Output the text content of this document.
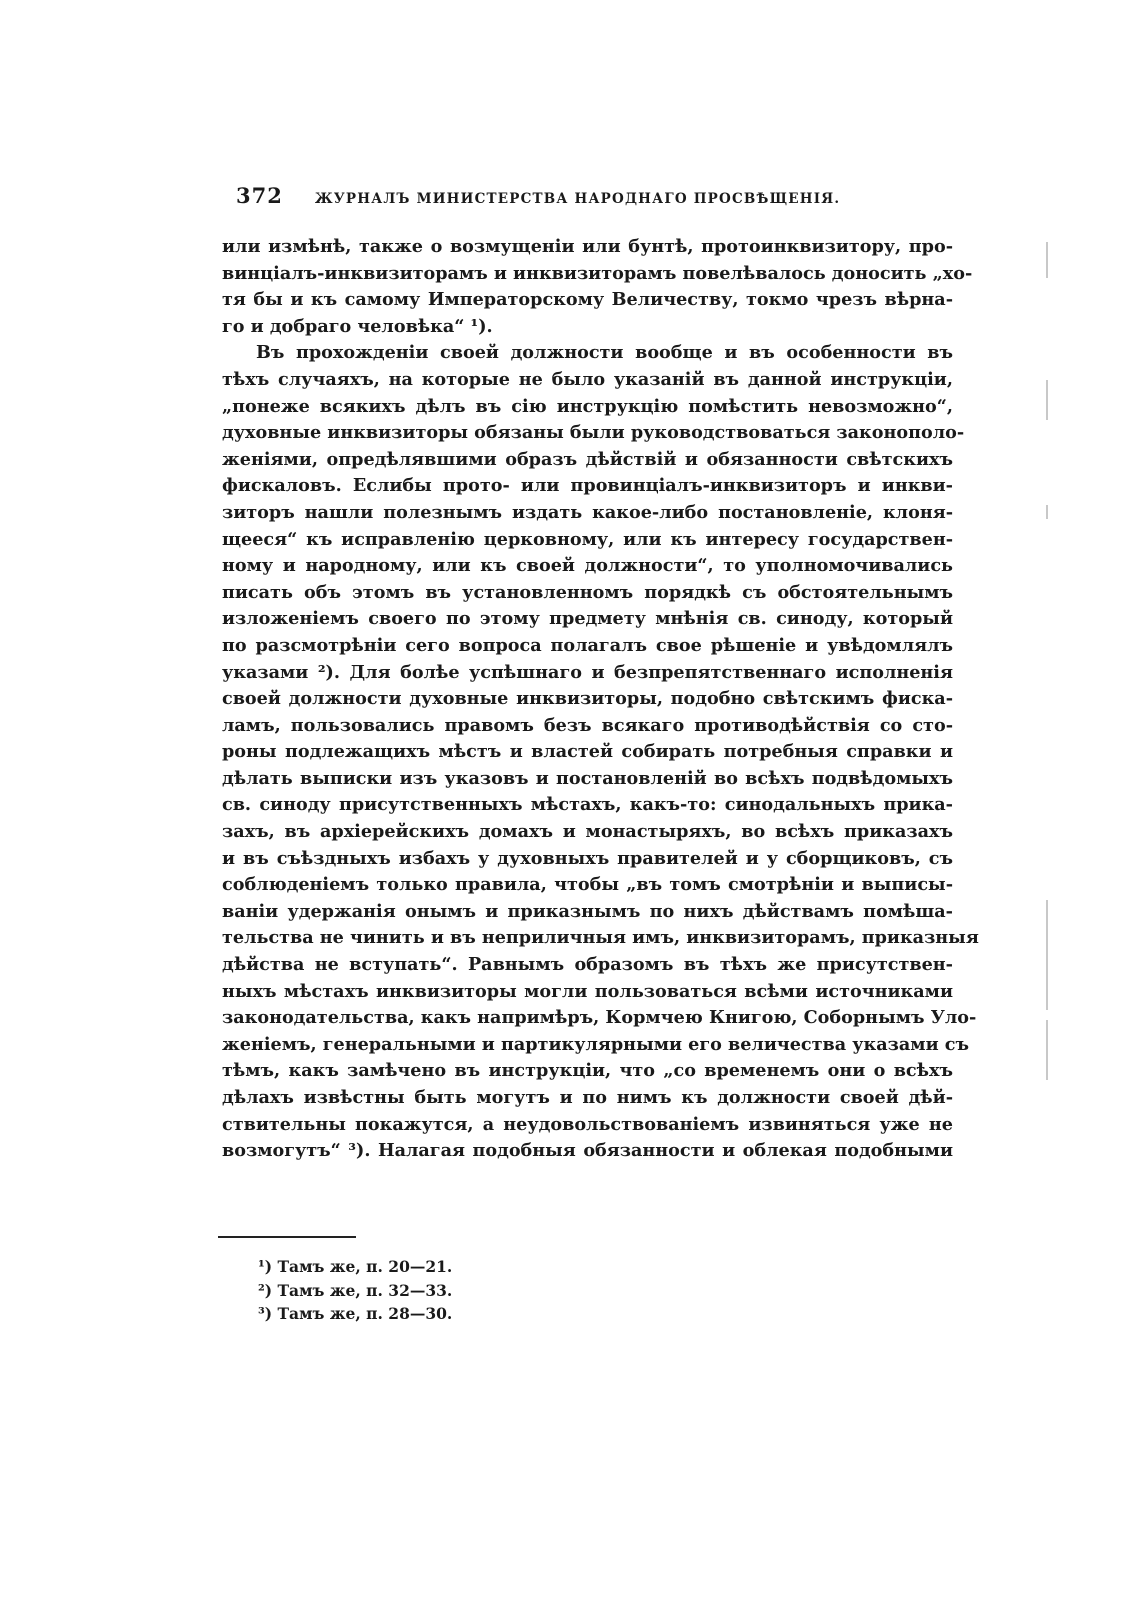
372 ЖУРНАЛЪ МИНИСТЕРСТВА НАРОДНАГО ПРОСВѢЩЕНІЯ.
или измѣнѣ, также о возмущеніи или бунтѣ, протоинквизитору, про-
винціалъ-инквизиторамъ и инквизиторамъ повелѣвалось доносить „хо-
тя бы и къ самому Императорскому Величеству, токмо чрезъ вѣрна-
го и добраго человѣка“ ¹).
Въ прохожденіи своей должности вообще и въ особенности въ
тѣхъ случаяхъ, на которые не было указаній въ данной инструкціи,
„понеже всякихъ дѣлъ въ сію инструкцію помѣстить невозможно“,
духовные инквизиторы обязаны были руководствоваться законополо-
женіями, опредѣлявшими образъ дѣйствій и обязанности свѣтскихъ
фискаловъ. Еслибы прото- или провинціалъ-инквизиторъ и инкви-
зиторъ нашли полезнымъ издать какое-либо постановленіе, клоня-
щееся“ къ исправленію церковному, или къ интересу государствен-
ному и народному, или къ своей должности“, то уполномочивались
писать объ этомъ въ установленномъ порядкѣ съ обстоятельнымъ
изложеніемъ своего по этому предмету мнѣнія св. синоду, который
по разсмотрѣніи сего вопроса полагалъ свое рѣшеніе и увѣдомлялъ
указами ²). Для болѣе успѣшнаго и безпрепятственнаго исполненія
своей должности духовные инквизиторы, подобно свѣтскимъ фиска-
ламъ, пользовались правомъ безъ всякаго противодѣйствія со сто-
роны подлежащихъ мѣстъ и властей собирать потребныя справки и
дѣлать выписки изъ указовъ и постановленій во всѣхъ подвѣдомыхъ
св. синоду присутственныхъ мѣстахъ, какъ-то: синодальныхъ прика-
захъ, въ архіерейскихъ домахъ и монастыряхъ, во всѣхъ приказахъ
и въ съѣздныхъ избахъ у духовныхъ правителей и у сборщиковъ, съ
соблюденіемъ только правила, чтобы „въ томъ смотрѣніи и выписы-
ваніи удержанія онымъ и приказнымъ по нихъ дѣйствамъ помѣша-
тельства не чинить и въ неприличныя имъ, инквизиторамъ, приказныя
дѣйства не вступать“. Равнымъ образомъ въ тѣхъ же присутствен-
ныхъ мѣстахъ инквизиторы могли пользоваться всѣми источниками
законодательства, какъ напримѣръ, Кормчею Книгою, Соборнымъ Уло-
женіемъ, генеральными и партикулярными его величества указами съ
тѣмъ, какъ замѣчено въ инструкціи, что „со временемъ они о всѣхъ
дѣлахъ извѣстны быть могутъ и по нимъ къ должности своей дѣй-
ствительны покажутся, а неудовольствованіемъ извиняться уже не
возмогутъ“ ³). Налагая подобныя обязанности и облекая подобными
¹) Тамъ же, п. 20—21.
²) Тамъ же, п. 32—33.
³) Тамъ же, п. 28—30.
